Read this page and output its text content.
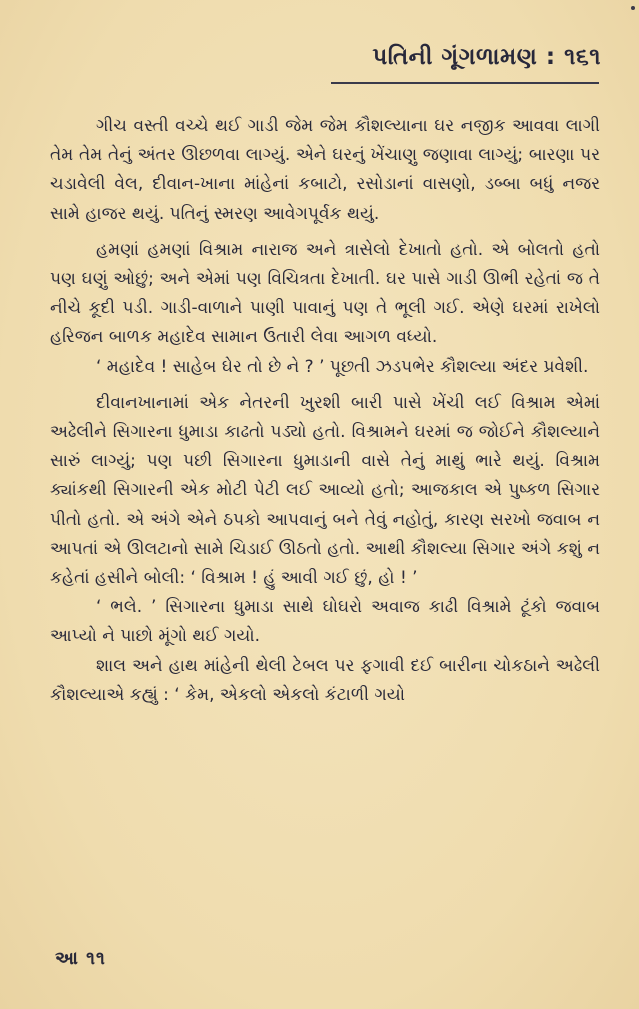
પતિની ગૂંગળામણ : ૧૬૧

ગીચ વસ્તી વચ્ચે થઈ ગાડી જેમ જેમ કૌશલ્યાના ઘર નજીક આવવા લાગી તેમ તેમ તેનું અંતર ઊછળવા લાગ્યું. એને ઘરનું ખેંચાણુ જણાવા લાગ્યું; બારણા પર ચડાવેલી વેલ, દીવાન-ખાના માંહેનાં કબાટો, રસોડાનાં વાસણો, ડબ્બા બધું નજર સામે હાજર થયું. પતિનું સ્મરણ આવેગપૂર્વક થયું.

હમણાં હમણાં વિશ્રામ નારાજ અને ત્રાસેલો દેખાતો હતો. એ બોલતો હતો પણ ઘણું ઓછું; અને એમાં પણ વિચિત્રતા દેખાતી. ઘર પાસે ગાડી ઊભી રહેતાં જ તે નીચે કૂદી પડી. ગાડી-વાળાને પાણી પાવાનું પણ તે ભૂલી ગઈ. એણે ઘરમાં રાખેલો હરિજન બાળક મહાદેવ સામાન ઉતારી લેવા આગળ વધ્યો.

‘ મહાદેવ ! સાહેબ ઘેર તો છે ને ? ’ પૂછતી ઝડપભેર કૌશલ્યા અંદર પ્રવેશી.

દીવાનખાનામાં એક નેતરની ખુરશી બારી પાસે ખેંચી લઈ વિશ્રામ એમાં અઢેલીને સિગારના ધુમાડા કાઢતો પડ્યો હતો. વિશ્રામને ઘરમાં જ જોઈને કૌશલ્યાને સારું લાગ્યું; પણ પછી સિગારના ધુમાડાની વાસે તેનું માથું ભારે થયું. વિશ્રામ ક્યાંકથી સિગારની એક મોટી પેટી લઈ આવ્યો હતો; આજકાલ એ પુષ્કળ સિગાર પીતો હતો. એ અંગે એને ઠપકો આપવાનું બને તેવું નહોતું, કારણ સરખો જવાબ ન આપતાં એ ઊલટાનો સામે ચિડાઈ ઊઠતો હતો. આથી કૌશલ્યા સિગાર અંગે કશું ન કહેતાં હસીને બોલી: ‘ વિશ્રામ ! હું આવી ગઈ છું, હો ! ’

‘ ભલે. ’ સિગારના ધુમાડા સાથે ઘોઘરો અવાજ કાઢી વિશ્રામે ટૂંકો જવાબ આપ્યો ને પાછો મૂંગો થઈ ગયો.

શાલ અને હાથ માંહેની થેલી ટેબલ પર ફગાવી દઈ બારીના ચોકઠાને અઢેલી કૌશલ્યાએ કહ્યું : ‘ કેમ, એકલો એકલો કંટાળી ગયો

આ ૧૧
